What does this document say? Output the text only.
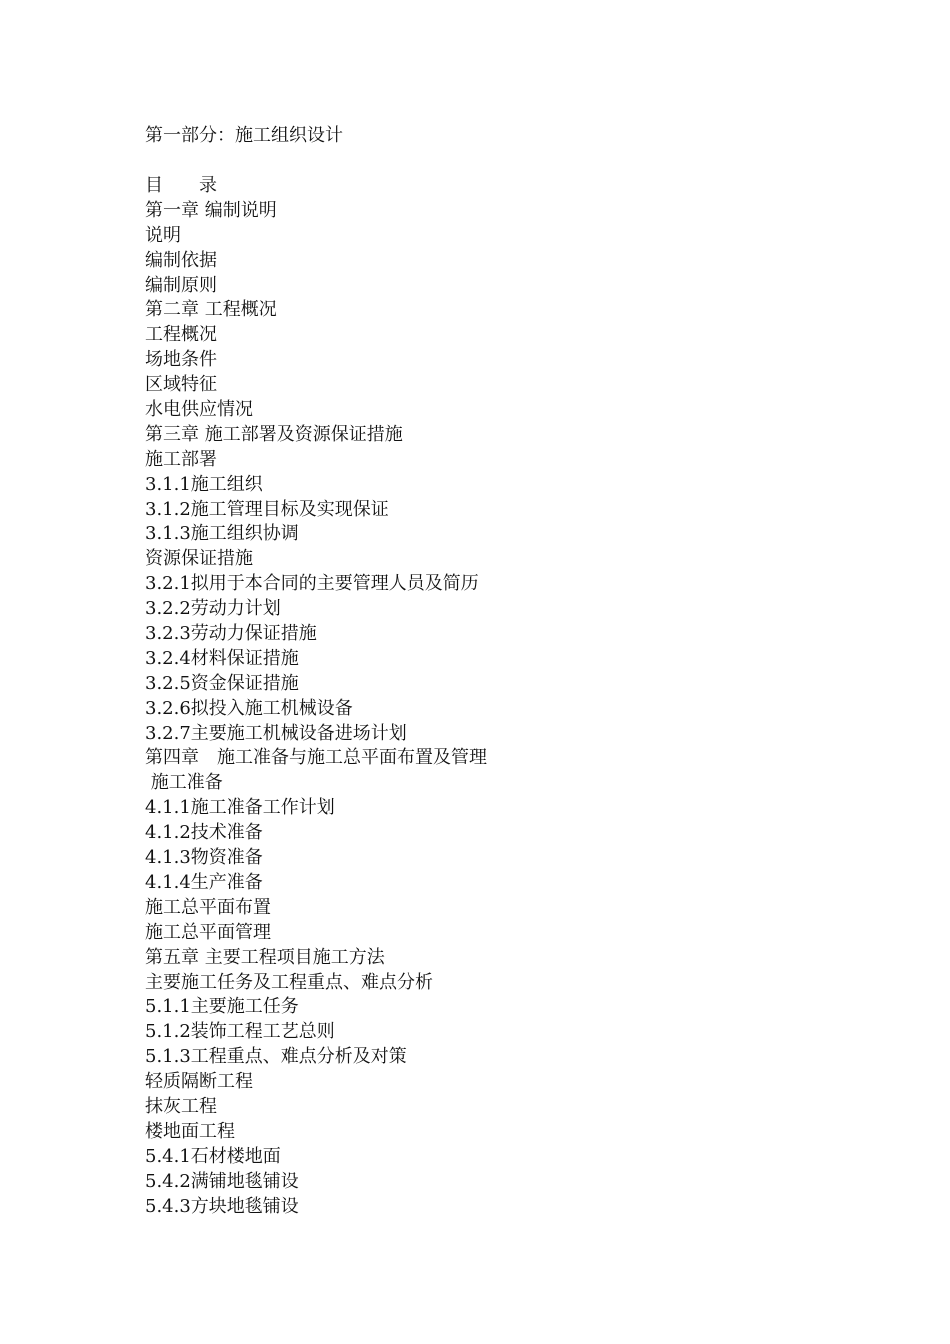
第一部分：施工组织设计
目　　录
第一章 编制说明
说明
编制依据
编制原则
第二章 工程概况
工程概况
场地条件
区域特征
水电供应情况
第三章 施工部署及资源保证措施
施工部署
3.1.1施工组织
3.1.2施工管理目标及实现保证
3.1.3施工组织协调
资源保证措施
3.2.1拟用于本合同的主要管理人员及简历
3.2.2劳动力计划
3.2.3劳动力保证措施
3.2.4材料保证措施
3.2.5资金保证措施
3.2.6拟投入施工机械设备
3.2.7主要施工机械设备进场计划
第四章　施工准备与施工总平面布置及管理
施工准备
4.1.1施工准备工作计划
4.1.2技术准备
4.1.3物资准备
4.1.4生产准备
施工总平面布置
施工总平面管理
第五章 主要工程项目施工方法
主要施工任务及工程重点、难点分析
5.1.1主要施工任务
5.1.2装饰工程工艺总则
5.1.3工程重点、难点分析及对策
轻质隔断工程
抹灰工程
楼地面工程
5.4.1石材楼地面
5.4.2满铺地毯铺设
5.4.3方块地毯铺设
